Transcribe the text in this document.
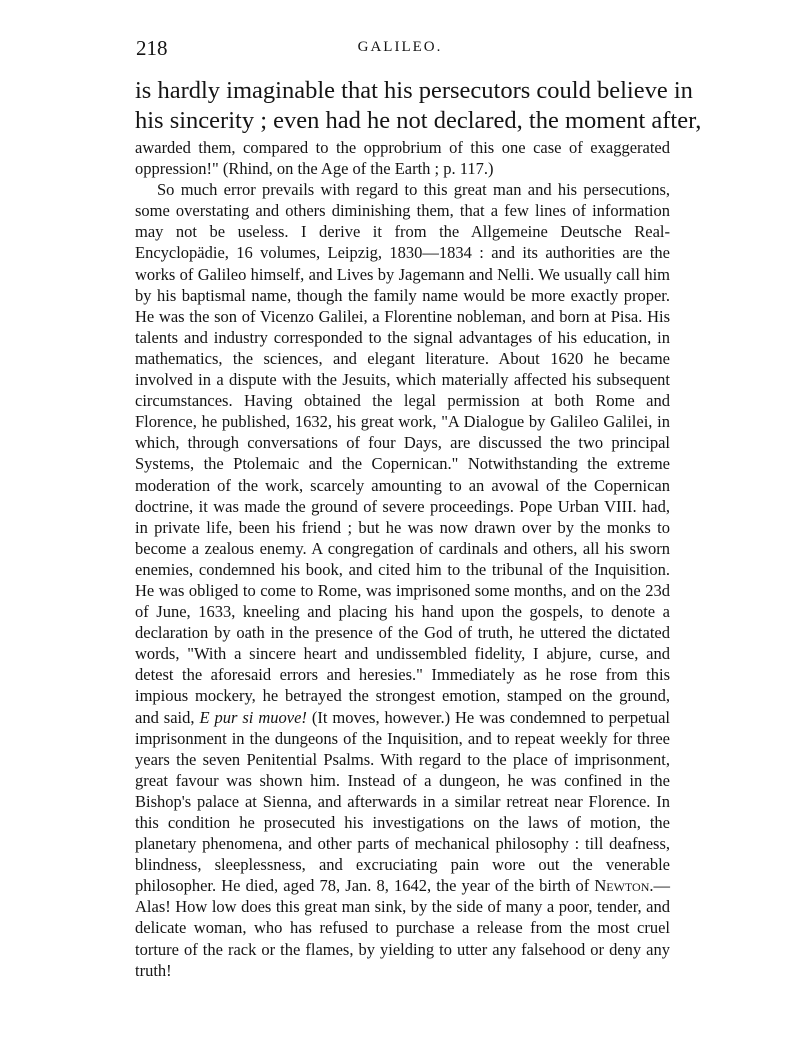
218	GALILEO.
is hardly imaginable that his persecutors could believe in
his sincerity ; even had he not declared, the moment after,

awarded them, compared to the opprobrium of this one case of exaggerated oppression!" (Rhind, on the Age of the Earth ; p. 117.)

So much error prevails with regard to this great man and his persecutions, some overstating and others diminishing them, that a few lines of information may not be useless. I derive it from the Allgemeine Deutsche Real-Encyclopädie, 16 volumes, Leipzig, 1830—1834 : and its authorities are the works of Galileo himself, and Lives by Jagemann and Nelli. We usually call him by his baptismal name, though the family name would be more exactly proper. He was the son of Vicenzo Galilei, a Florentine nobleman, and born at Pisa. His talents and industry corresponded to the signal advantages of his education, in mathematics, the sciences, and elegant literature. About 1620 he became involved in a dispute with the Jesuits, which materially affected his subsequent circumstances. Having obtained the legal permission at both Rome and Florence, he published, 1632, his great work, "A Dialogue by Galileo Galilei, in which, through conversations of four Days, are discussed the two principal Systems, the Ptolemaic and the Copernican." Notwithstanding the extreme moderation of the work, scarcely amounting to an avowal of the Copernican doctrine, it was made the ground of severe proceedings. Pope Urban VIII. had, in private life, been his friend ; but he was now drawn over by the monks to become a zealous enemy. A congregation of cardinals and others, all his sworn enemies, condemned his book, and cited him to the tribunal of the Inquisition. He was obliged to come to Rome, was imprisoned some months, and on the 23d of June, 1633, kneeling and placing his hand upon the gospels, to denote a declaration by oath in the presence of the God of truth, he uttered the dictated words, "With a sincere heart and undissembled fidelity, I abjure, curse, and detest the aforesaid errors and heresies." Immediately as he rose from this impious mockery, he betrayed the strongest emotion, stamped on the ground, and said, E pur si muove! (It moves, however.) He was condemned to perpetual imprisonment in the dungeons of the Inquisition, and to repeat weekly for three years the seven Penitential Psalms. With regard to the place of imprisonment, great favour was shown him. Instead of a dungeon, he was confined in the Bishop's palace at Sienna, and afterwards in a similar retreat near Florence. In this condition he prosecuted his investigations on the laws of motion, the planetary phenomena, and other parts of mechanical philosophy : till deafness, blindness, sleeplessness, and excruciating pain wore out the venerable philosopher. He died, aged 78, Jan. 8, 1642, the year of the birth of Newton.—Alas! How low does this great man sink, by the side of many a poor, tender, and delicate woman, who has refused to purchase a release from the most cruel torture of the rack or the flames, by yielding to utter any falsehood or deny any truth!
